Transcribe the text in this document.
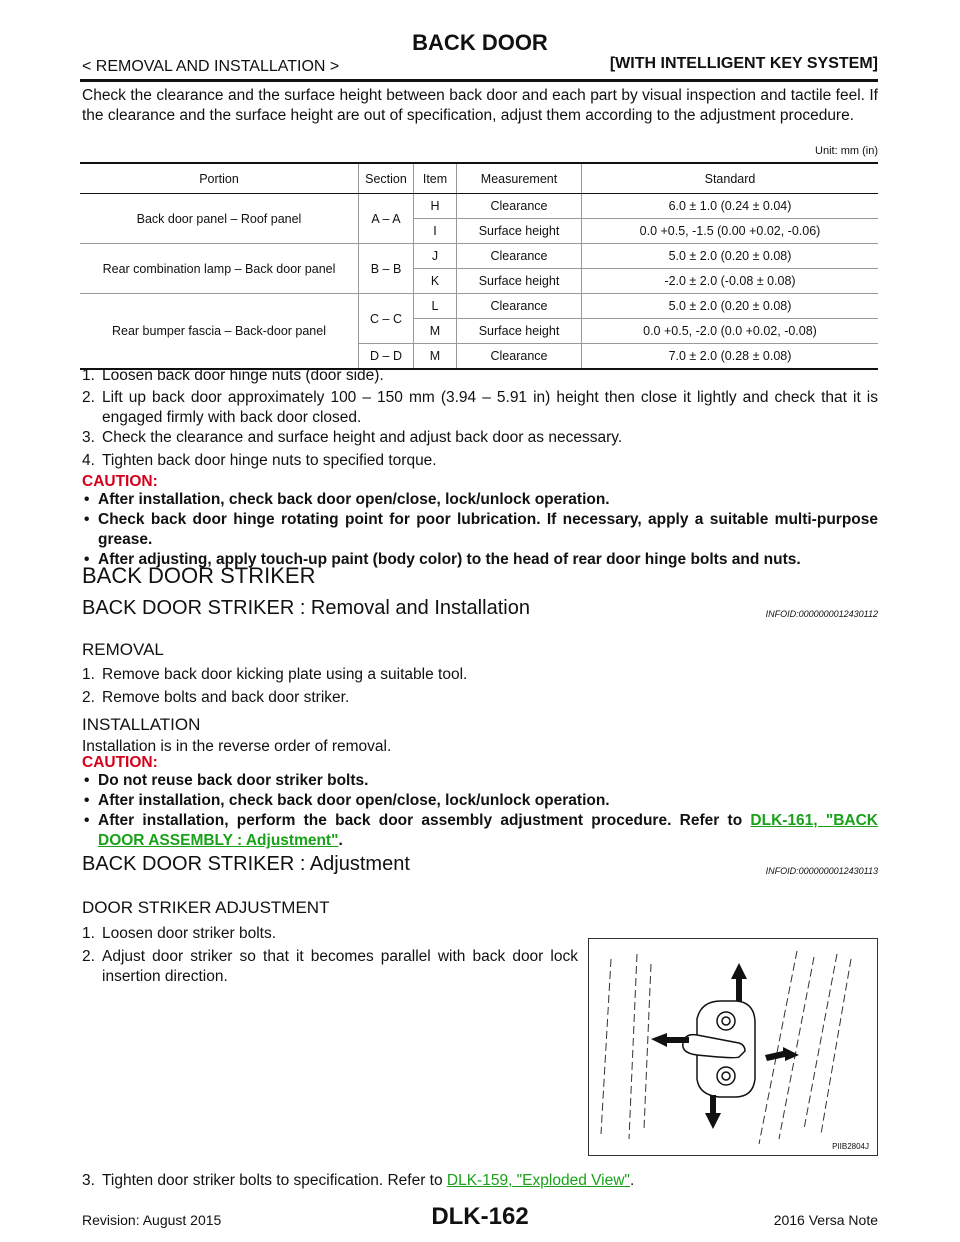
BACK DOOR
< REMOVAL AND INSTALLATION >	[WITH INTELLIGENT KEY SYSTEM]
Check the clearance and the surface height between back door and each part by visual inspection and tactile feel. If the clearance and the surface height are out of specification, adjust them according to the adjustment procedure.
Unit: mm (in)
Portion	Section	Item	Measurement	Standard
Back door panel – Roof panel	A – A	H	Clearance	6.0 ± 1.0 (0.24 ± 0.04)
		I	Surface height	0.0 +0.5, -1.5 (0.00 +0.02, -0.06)
Rear combination lamp – Back door panel	B – B	J	Clearance	5.0 ± 2.0 (0.20 ± 0.08)
		K	Surface height	-2.0 ± 2.0 (-0.08 ± 0.08)
Rear bumper fascia – Back-door panel	C – C	L	Clearance	5.0 ± 2.0 (0.20 ± 0.08)
		M	Surface height	0.0 +0.5, -2.0 (0.0 +0.02, -0.08)
	D – D	M	Clearance	7.0 ± 2.0 (0.28 ± 0.08)
1. Loosen back door hinge nuts (door side).
2. Lift up back door approximately 100 – 150 mm (3.94 – 5.91 in) height then close it lightly and check that it is engaged firmly with back door closed.
3. Check the clearance and surface height and adjust back door as necessary.
4. Tighten back door hinge nuts to specified torque.
CAUTION:
• After installation, check back door open/close, lock/unlock operation.
• Check back door hinge rotating point for poor lubrication. If necessary, apply a suitable multi-purpose grease.
• After adjusting, apply touch-up paint (body color) to the head of rear door hinge bolts and nuts.
BACK DOOR STRIKER
BACK DOOR STRIKER : Removal and Installation	INFOID:0000000012430112
REMOVAL
1. Remove back door kicking plate using a suitable tool.
2. Remove bolts and back door striker.
INSTALLATION
Installation is in the reverse order of removal.
CAUTION:
• Do not reuse back door striker bolts.
• After installation, check back door open/close, lock/unlock operation.
• After installation, perform the back door assembly adjustment procedure. Refer to DLK-161, "BACK DOOR ASSEMBLY : Adjustment".
BACK DOOR STRIKER : Adjustment	INFOID:0000000012430113
DOOR STRIKER ADJUSTMENT
1. Loosen door striker bolts.
2. Adjust door striker so that it becomes parallel with back door lock insertion direction.
PIIB2804J
3. Tighten door striker bolts to specification. Refer to DLK-159, "Exploded View".
DLK-162
Revision: August 2015	2016 Versa Note
